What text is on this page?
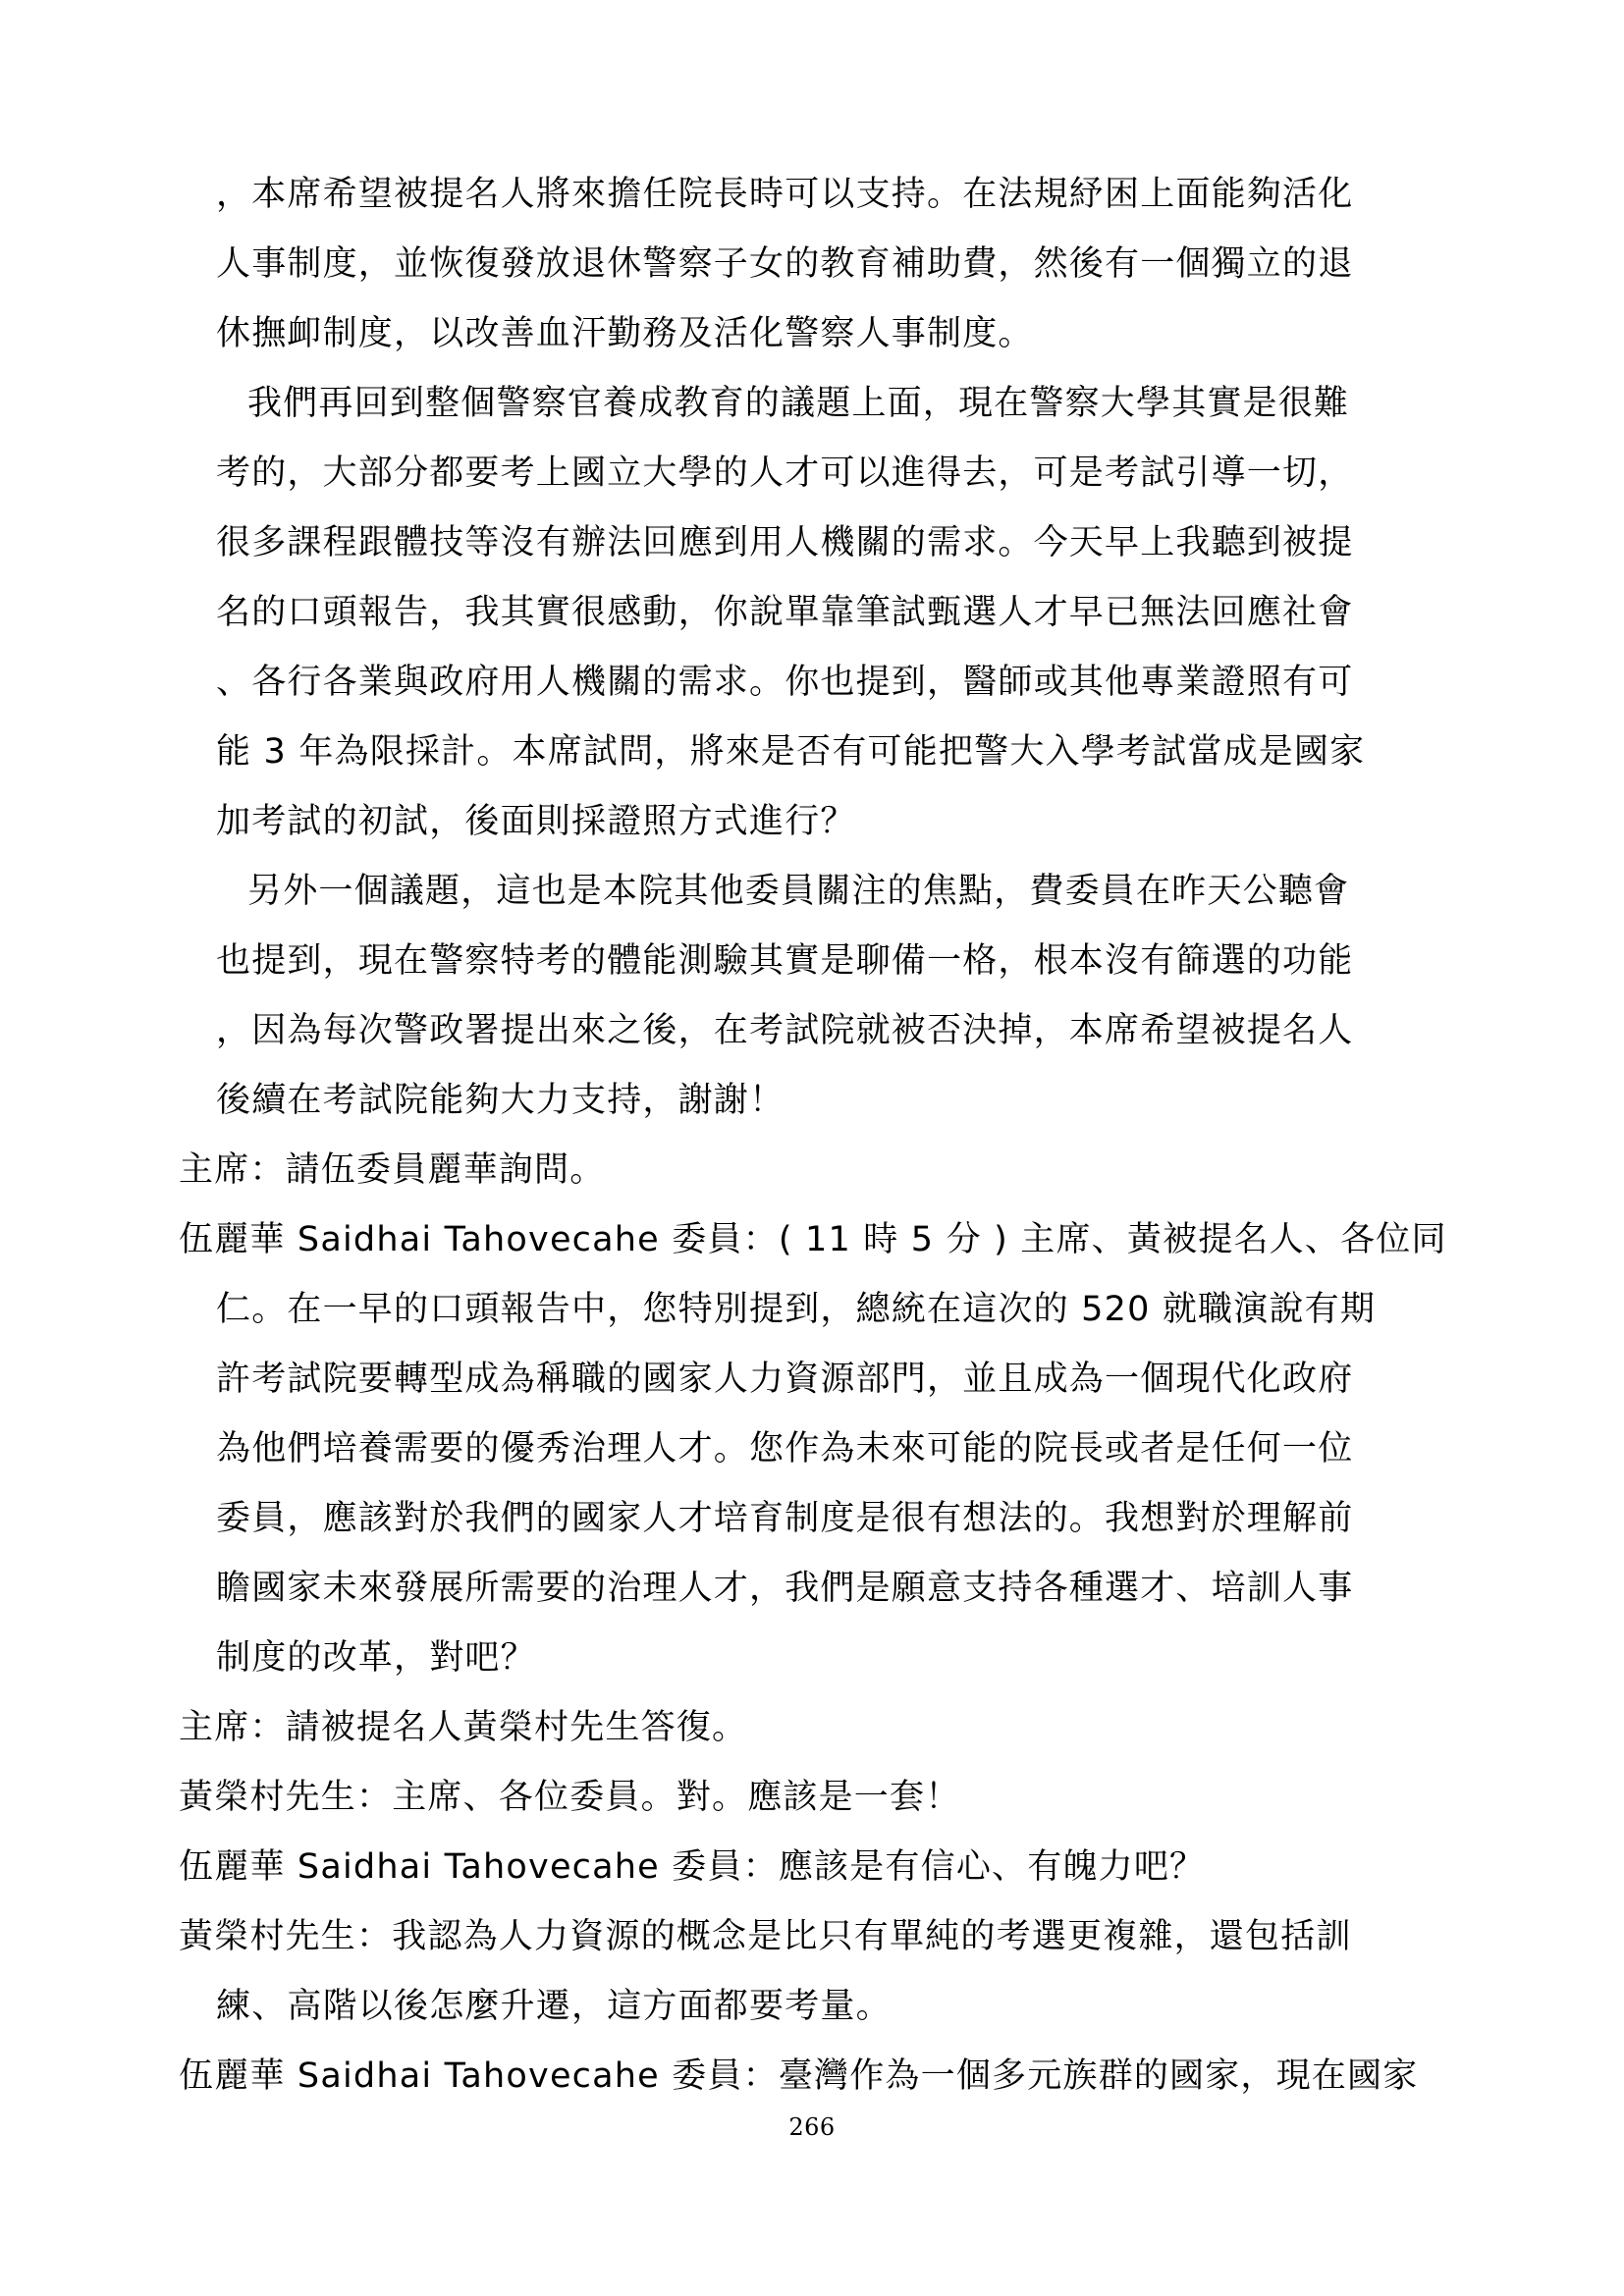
，本席希望被提名人將來擔任院長時可以支持。在法規紓困上面能夠活化
人事制度，並恢復發放退休警察子女的教育補助費，然後有一個獨立的退
休撫卹制度，以改善血汗勤務及活化警察人事制度。
我們再回到整個警察官養成教育的議題上面，現在警察大學其實是很難
考的，大部分都要考上國立大學的人才可以進得去，可是考試引導一切，
很多課程跟體技等沒有辦法回應到用人機關的需求。今天早上我聽到被提
名的口頭報告，我其實很感動，你說單靠筆試甄選人才早已無法回應社會
、各行各業與政府用人機關的需求。你也提到，醫師或其他專業證照有可
能 3 年為限採計。本席試問，將來是否有可能把警大入學考試當成是國家
加考試的初試，後面則採證照方式進行？
另外一個議題，這也是本院其他委員關注的焦點，費委員在昨天公聽會
也提到，現在警察特考的體能測驗其實是聊備一格，根本沒有篩選的功能
，因為每次警政署提出來之後，在考試院就被否決掉，本席希望被提名人
後續在考試院能夠大力支持，謝謝！
主席：請伍委員麗華詢問。
伍麗華 Saidhai Tahovecahe 委員：( 11 時 5 分 ) 主席、黃被提名人、各位同
仁。在一早的口頭報告中，您特別提到，總統在這次的 520 就職演說有期
許考試院要轉型成為稱職的國家人力資源部門，並且成為一個現代化政府
為他們培養需要的優秀治理人才。您作為未來可能的院長或者是任何一位
委員，應該對於我們的國家人才培育制度是很有想法的。我想對於理解前
瞻國家未來發展所需要的治理人才，我們是願意支持各種選才、培訓人事
制度的改革，對吧？
主席：請被提名人黃榮村先生答復。
黃榮村先生：主席、各位委員。對。應該是一套！
伍麗華 Saidhai Tahovecahe 委員：應該是有信心、有魄力吧？
黃榮村先生：我認為人力資源的概念是比只有單純的考選更複雜，還包括訓
練、高階以後怎麼升遷，這方面都要考量。
伍麗華 Saidhai Tahovecahe 委員：臺灣作為一個多元族群的國家，現在國家
266
